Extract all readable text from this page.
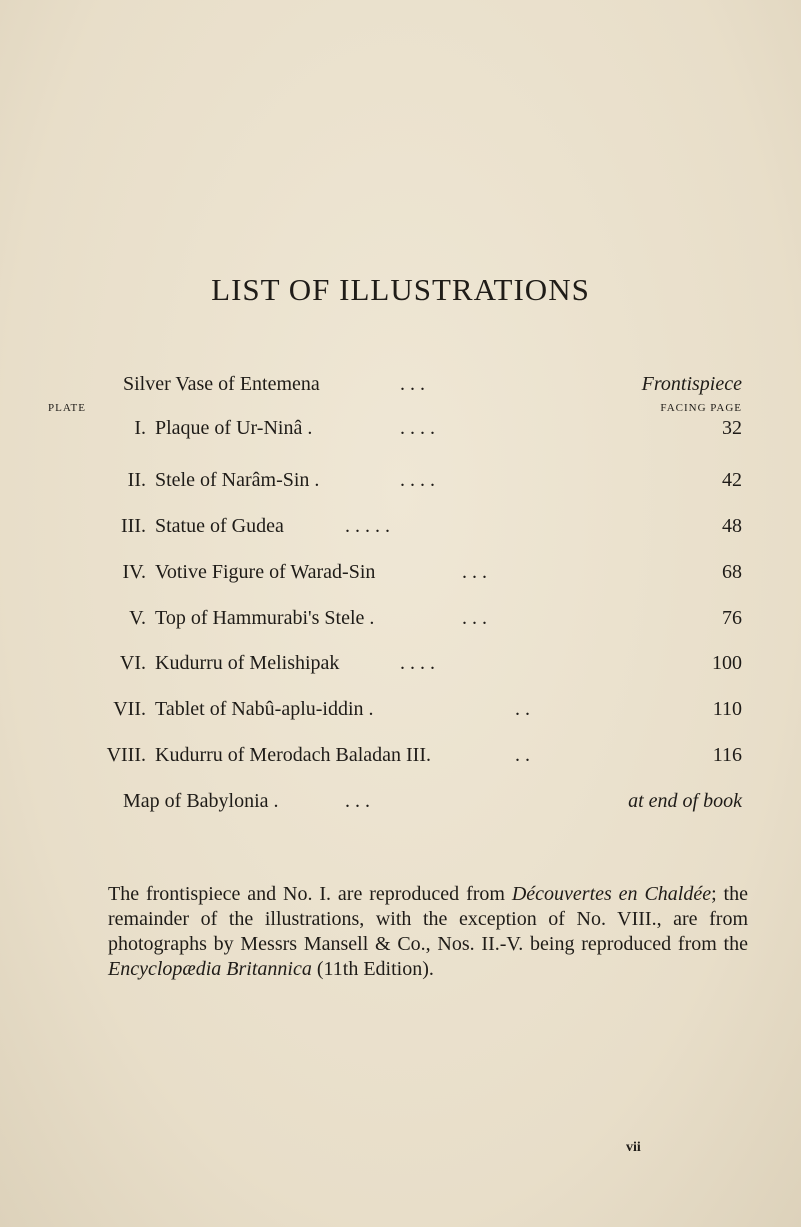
LIST OF ILLUSTRATIONS
PLATE	FACING PAGE
Silver Vase of Entemena	. . .	Frontispiece
I. Plaque of Ur-Ninâ .	. . . .	32
II. Stele of Narâm-Sin .	. . . .	42
III. Statue of Gudea	. . . . .	48
IV. Votive Figure of Warad-Sin	. . .	68
V. Top of Hammurabi's Stele .	. . .	76
VI. Kudurru of Melishipak	. . . .	100
VII. Tablet of Nabû-aplu-iddin .	. .	110
VIII. Kudurru of Merodach Baladan III.	. .	116
Map of Babylonia .	. . .	at end of book
The frontispiece and No. I. are reproduced from Découvertes en Chaldée; the remainder of the illustrations, with the exception of No. VIII., are from photographs by Messrs Mansell & Co., Nos. II.-V. being reproduced from the Encyclopædia Britannica (11th Edition).
vii
